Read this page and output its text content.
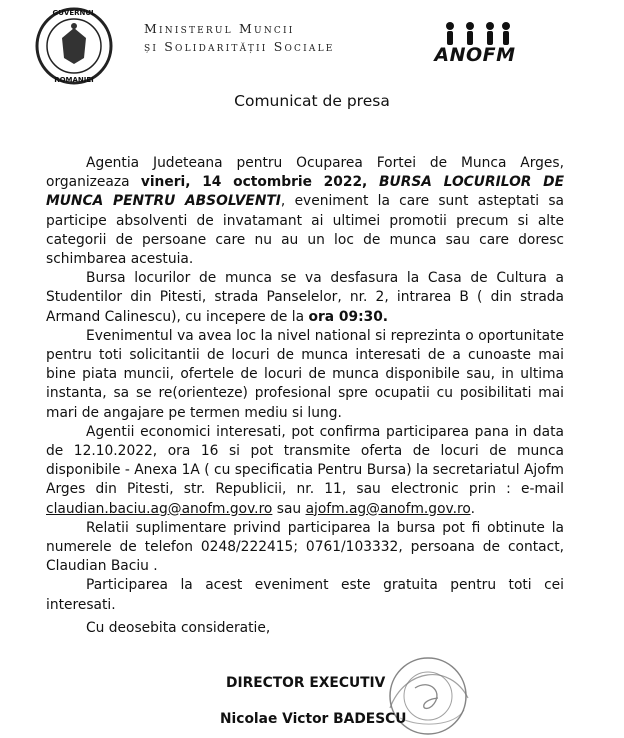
GUVERNUL
ROMANIEI
Ministerul Muncii
și Solidarității Sociale	ANOFM
Comunicat de presa

Agentia Judeteana pentru Ocuparea Fortei de Munca Arges, organizeaza vineri, 14 octombrie 2022, BURSA LOCURILOR DE MUNCA PENTRU ABSOLVENTI, eveniment la care sunt asteptati sa participe absolventi de invatamant ai ultimei promotii precum si alte categorii de persoane care nu au un loc de munca sau care doresc schimbarea acestuia.

Bursa locurilor de munca se va desfasura la Casa de Cultura a Studentilor din Pitesti, strada Panselelor, nr. 2, intrarea B ( din strada Armand Calinescu), cu incepere de la ora 09:30.

Evenimentul va avea loc la nivel national si reprezinta o oportunitate pentru toti solicitantii de locuri de munca interesati de a cunoaste mai bine piata muncii, ofertele de locuri de munca disponibile sau, in ultima instanta, sa se re(orienteze) profesional spre ocupatii cu posibilitati mai mari de angajare pe termen mediu si lung.

Agentii economici interesati, pot confirma participarea pana in data de 12.10.2022, ora 16 si pot transmite oferta de locuri de munca disponibile - Anexa 1A ( cu specificatia Pentru Bursa) la secretariatul Ajofm Arges din Pitesti, str. Republicii, nr. 11, sau electronic prin : e-mail claudian.baciu.ag@anofm.gov.ro sau ajofm.ag@anofm.gov.ro.

Relatii suplimentare privind participarea la bursa pot fi obtinute la numerele de telefon 0248/222415; 0761/103332, persoana de contact, Claudian Baciu .

Participarea la acest eveniment este gratuita pentru toti cei interesati.

Cu deosebita consideratie,
DIRECTOR EXECUTIV
Nicolae Victor BADESCU
